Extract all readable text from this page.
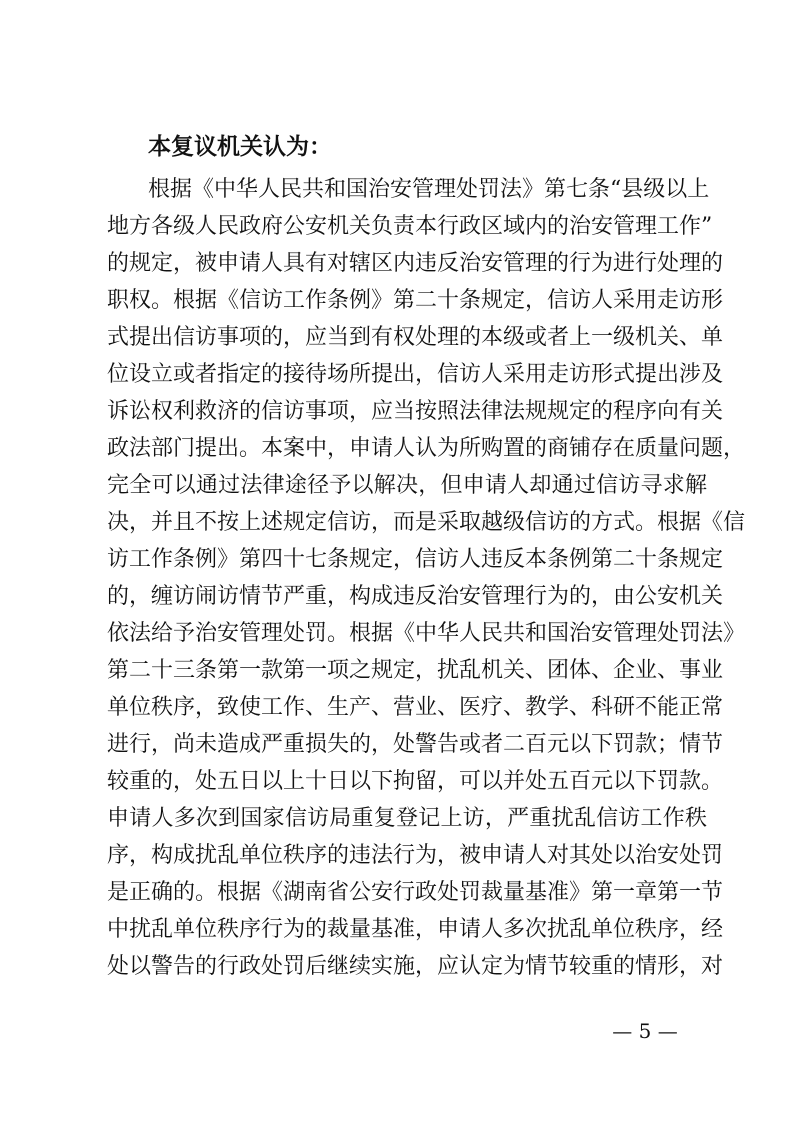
本复议机关认为：
根据《中华人民共和国治安管理处罚法》第七条“县级以上
地方各级人民政府公安机关负责本行政区域内的治安管理工作”
的规定，被申请人具有对辖区内违反治安管理的行为进行处理的
职权。根据《信访工作条例》第二十条规定，信访人采用走访形
式提出信访事项的，应当到有权处理的本级或者上一级机关、单
位设立或者指定的接待场所提出，信访人采用走访形式提出涉及
诉讼权利救济的信访事项，应当按照法律法规规定的程序向有关
政法部门提出。本案中，申请人认为所购置的商铺存在质量问题，
完全可以通过法律途径予以解决，但申请人却通过信访寻求解
决，并且不按上述规定信访，而是采取越级信访的方式。根据《信
访工作条例》第四十七条规定，信访人违反本条例第二十条规定
的，缠访闹访情节严重，构成违反治安管理行为的，由公安机关
依法给予治安管理处罚。根据《中华人民共和国治安管理处罚法》
第二十三条第一款第一项之规定，扰乱机关、团体、企业、事业
单位秩序，致使工作、生产、营业、医疗、教学、科研不能正常
进行，尚未造成严重损失的，处警告或者二百元以下罚款；情节
较重的，处五日以上十日以下拘留，可以并处五百元以下罚款。
申请人多次到国家信访局重复登记上访，严重扰乱信访工作秩
序，构成扰乱单位秩序的违法行为，被申请人对其处以治安处罚
是正确的。根据《湖南省公安行政处罚裁量基准》第一章第一节
中扰乱单位秩序行为的裁量基准，申请人多次扰乱单位秩序，经
处以警告的行政处罚后继续实施，应认定为情节较重的情形，对
— 5 —
